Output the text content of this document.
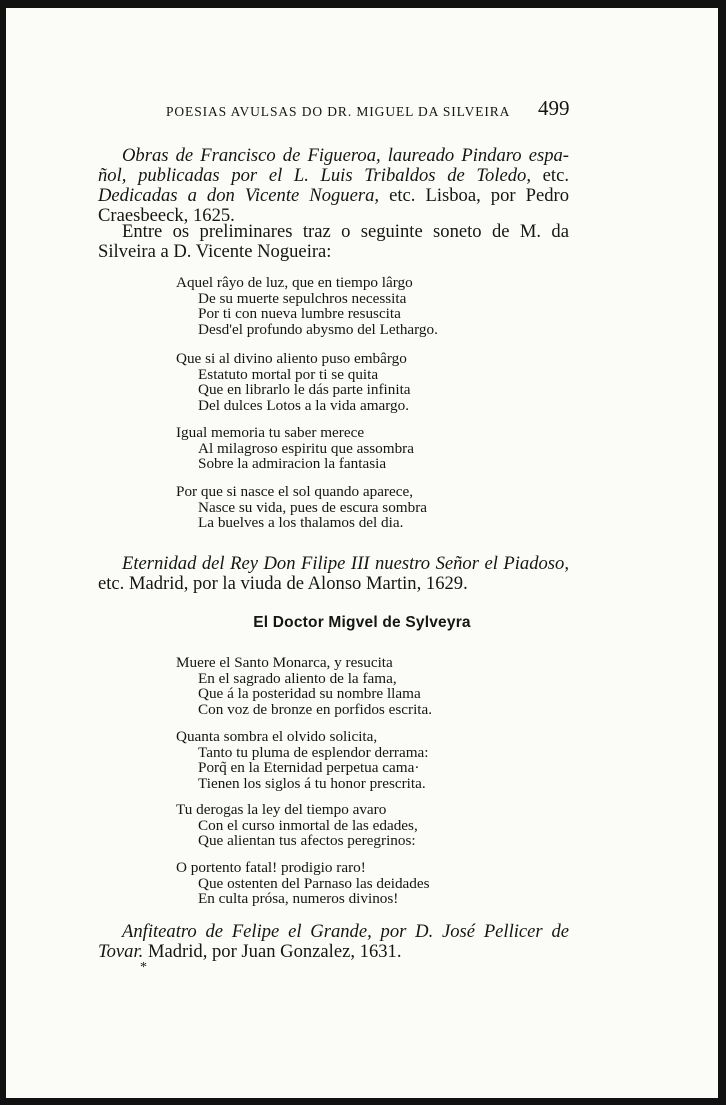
POESIAS AVULSAS DO DR. MIGUEL DA SILVEIRA	499
Obras de Francisco de Figueroa, laureado Pindaro espa-
ñol, publicadas por el L. Luis Tribaldos de Toledo, etc.
Dedicadas a don Vicente Noguera, etc. Lisboa, por Pedro
Craesbeeck, 1625.
Entre os preliminares traz o seguinte soneto de M. da
Silveira a D. Vicente Nogueira:
Aquel râyo de luz, que en tiempo lârgo
De su muerte sepulchros necessita
Por ti con nueva lumbre resuscita
Desd'el profundo abysmo del Lethargo.
Que si al divino aliento puso embârgo
Estatuto mortal por ti se quita
Que en librarlo le dás parte infinita
Del dulces Lotos a la vida amargo.
Igual memoria tu saber merece
Al milagroso espiritu que assombra
Sobre la admiracion la fantasia
Por que si nasce el sol quando aparece,
Nasce su vida, pues de escura sombra
La buelves a los thalamos del dia.
Eternidad del Rey Don Filipe III nuestro Señor el Piadoso,
etc. Madrid, por la viuda de Alonso Martin, 1629.
El Doctor Migvel de Sylveyra
Muere el Santo Monarca, y resucita
En el sagrado aliento de la fama,
Que á la posteridad su nombre llama
Con voz de bronze en porfidos escrita.
Quanta sombra el olvido solicita,
Tanto tu pluma de esplendor derrama:
Porq̃ en la Eternidad perpetua cama·
Tienen los siglos á tu honor prescrita.
Tu derogas la ley del tiempo avaro
Con el curso inmortal de las edades,
Que alientan tus afectos peregrinos:
O portento fatal! prodigio raro!
Que ostenten del Parnaso las deidades
En culta prósa, numeros divinos!
Anfiteatro de Felipe el Grande, por D. José Pellicer de
Tovar. Madrid, por Juan Gonzalez, 1631.
*
